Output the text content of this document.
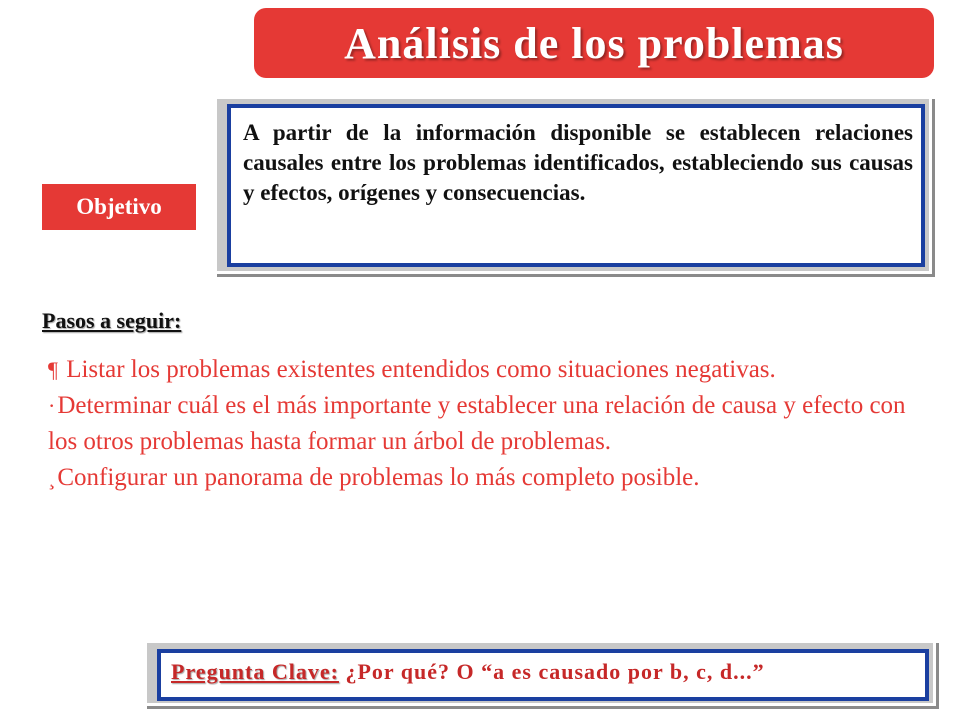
Análisis de los problemas
Objetivo

A partir de la información disponible se establecen relaciones causales entre los problemas identificados, estableciendo sus causas y efectos, orígenes y consecuencias.

Pasos a seguir:

¶ Listar los problemas existentes entendidos como situaciones negativas.

·Determinar cuál es el más importante y establecer una relación de causa y efecto con los otros problemas hasta formar un árbol de problemas.

¸Configurar un panorama de problemas lo más completo posible.

Pregunta Clave: ¿Por qué? O “a es causado por b, c, d...”
